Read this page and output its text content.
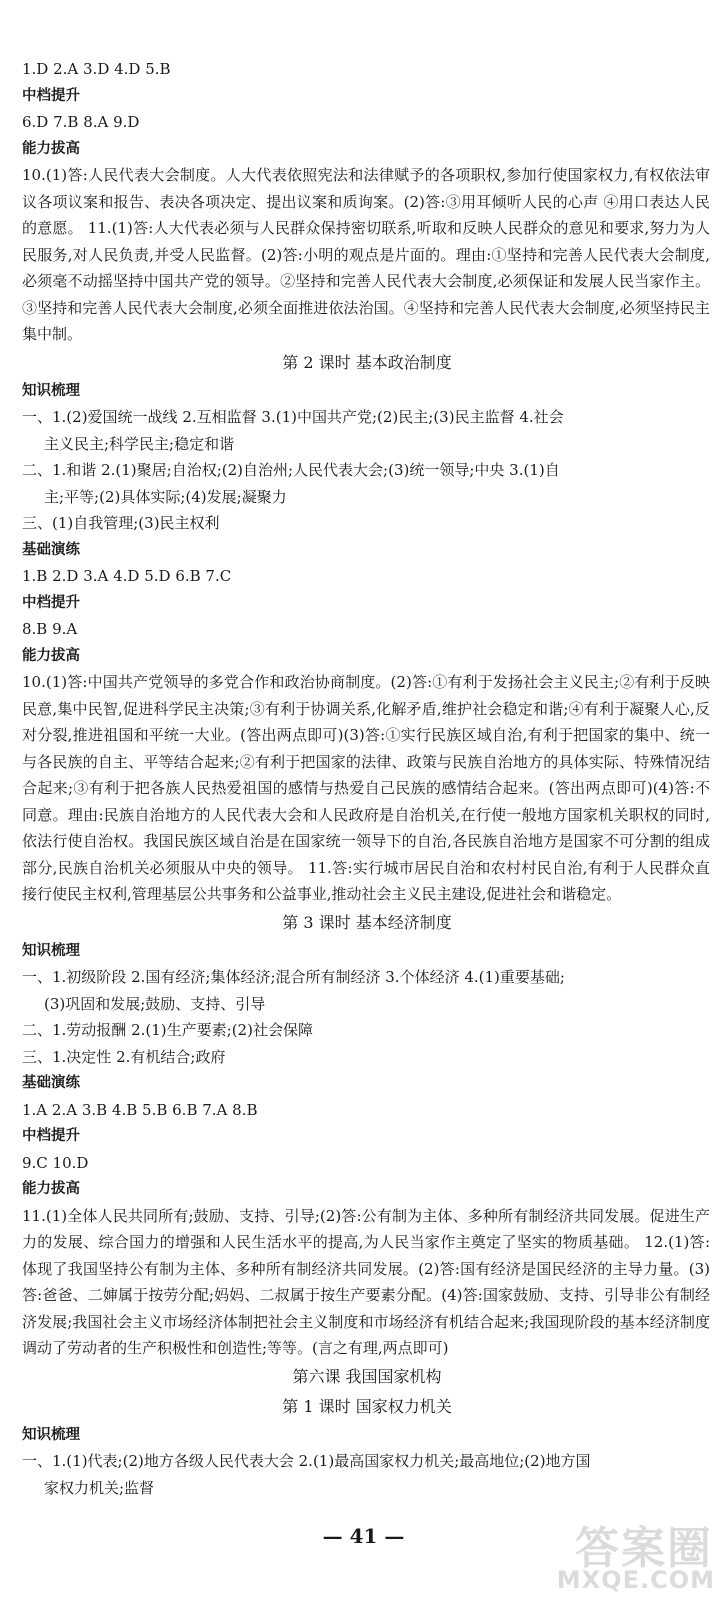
1.D 2.A 3.D 4.D 5.B
中档提升
6.D 7.B 8.A 9.D
能力拔高
10.(1)答:人民代表大会制度。人大代表依照宪法和法律赋予的各项职权,参加行使国家权力,有权依法审议各项议案和报告、表决各项决定、提出议案和质询案。(2)答:③用耳倾听人民的心声 ④用口表达人民的意愿。 11.(1)答:人大代表必须与人民群众保持密切联系,听取和反映人民群众的意见和要求,努力为人民服务,对人民负责,并受人民监督。(2)答:小明的观点是片面的。理由:①坚持和完善人民代表大会制度,必须毫不动摇坚持中国共产党的领导。②坚持和完善人民代表大会制度,必须保证和发展人民当家作主。③坚持和完善人民代表大会制度,必须全面推进依法治国。④坚持和完善人民代表大会制度,必须坚持民主集中制。
第 2 课时 基本政治制度
知识梳理
一、1.(2)爱国统一战线 2.互相监督 3.(1)中国共产党;(2)民主;(3)民主监督 4.社会
主义民主;科学民主;稳定和谐
二、1.和谐 2.(1)聚居;自治权;(2)自治州;人民代表大会;(3)统一领导;中央 3.(1)自
主;平等;(2)具体实际;(4)发展;凝聚力
三、(1)自我管理;(3)民主权利
基础演练
1.B 2.D 3.A 4.D 5.D 6.B 7.C
中档提升
8.B 9.A
能力拔高
10.(1)答:中国共产党领导的多党合作和政治协商制度。(2)答:①有利于发扬社会主义民主;②有利于反映民意,集中民智,促进科学民主决策;③有利于协调关系,化解矛盾,维护社会稳定和谐;④有利于凝聚人心,反对分裂,推进祖国和平统一大业。(答出两点即可)(3)答:①实行民族区域自治,有利于把国家的集中、统一与各民族的自主、平等结合起来;②有利于把国家的法律、政策与民族自治地方的具体实际、特殊情况结合起来;③有利于把各族人民热爱祖国的感情与热爱自己民族的感情结合起来。(答出两点即可)(4)答:不同意。理由:民族自治地方的人民代表大会和人民政府是自治机关,在行使一般地方国家机关职权的同时,依法行使自治权。我国民族区域自治是在国家统一领导下的自治,各民族自治地方是国家不可分割的组成部分,民族自治机关必须服从中央的领导。 11.答:实行城市居民自治和农村村民自治,有利于人民群众直接行使民主权利,管理基层公共事务和公益事业,推动社会主义民主建设,促进社会和谐稳定。
第 3 课时 基本经济制度
知识梳理
一、1.初级阶段 2.国有经济;集体经济;混合所有制经济 3.个体经济 4.(1)重要基础;
(3)巩固和发展;鼓励、支持、引导
二、1.劳动报酬 2.(1)生产要素;(2)社会保障
三、1.决定性 2.有机结合;政府
基础演练
1.A 2.A 3.B 4.B 5.B 6.B 7.A 8.B
中档提升
9.C 10.D
能力拔高
11.(1)全体人民共同所有;鼓励、支持、引导;(2)答:公有制为主体、多种所有制经济共同发展。促进生产力的发展、综合国力的增强和人民生活水平的提高,为人民当家作主奠定了坚实的物质基础。 12.(1)答:体现了我国坚持公有制为主体、多种所有制经济共同发展。(2)答:国有经济是国民经济的主导力量。(3)答:爸爸、二婶属于按劳分配;妈妈、二叔属于按生产要素分配。(4)答:国家鼓励、支持、引导非公有制经济发展;我国社会主义市场经济体制把社会主义制度和市场经济有机结合起来;我国现阶段的基本经济制度调动了劳动者的生产积极性和创造性;等等。(言之有理,两点即可)
第六课 我国国家机构
第 1 课时 国家权力机关
知识梳理
一、1.(1)代表;(2)地方各级人民代表大会 2.(1)最高国家权力机关;最高地位;(2)地方国
家权力机关;监督
— 41 —	答案圈
MXQE.COM
